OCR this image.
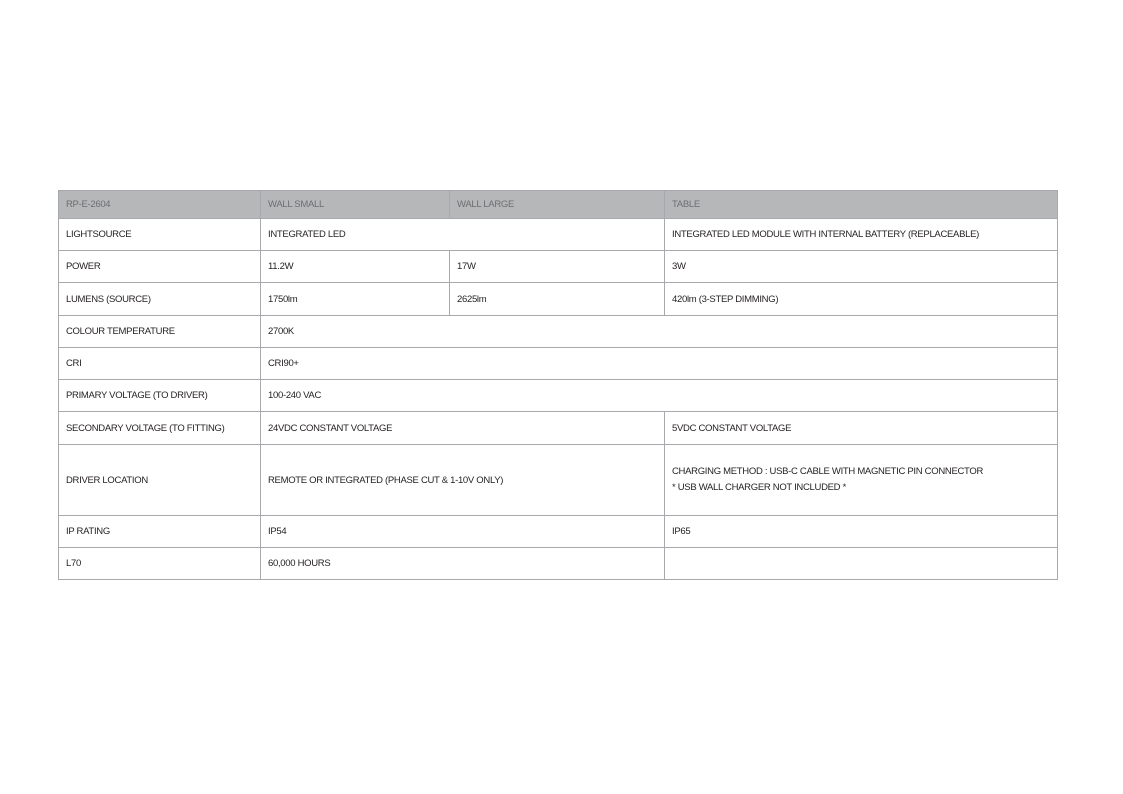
RP-E-2604	WALL SMALL	WALL LARGE	TABLE
LIGHTSOURCE	INTEGRATED LED		INTEGRATED LED MODULE WITH INTERNAL BATTERY (REPLACEABLE)
POWER	11.2W	17W	3W
LUMENS (SOURCE)	1750lm	2625lm	420lm (3-STEP DIMMING)
COLOUR TEMPERATURE	2700K		
CRI	CRI90+		
PRIMARY VOLTAGE (TO DRIVER)	100-240 VAC		
SECONDARY VOLTAGE (TO FITTING)	24VDC CONSTANT VOLTAGE		5VDC CONSTANT VOLTAGE
DRIVER LOCATION	REMOTE OR INTEGRATED (PHASE CUT & 1-10V ONLY)		CHARGING METHOD : USB-C CABLE WITH MAGNETIC PIN CONNECTOR
* USB WALL CHARGER NOT INCLUDED *

IP RATING	IP54		IP65
L70	60,000 HOURS		
